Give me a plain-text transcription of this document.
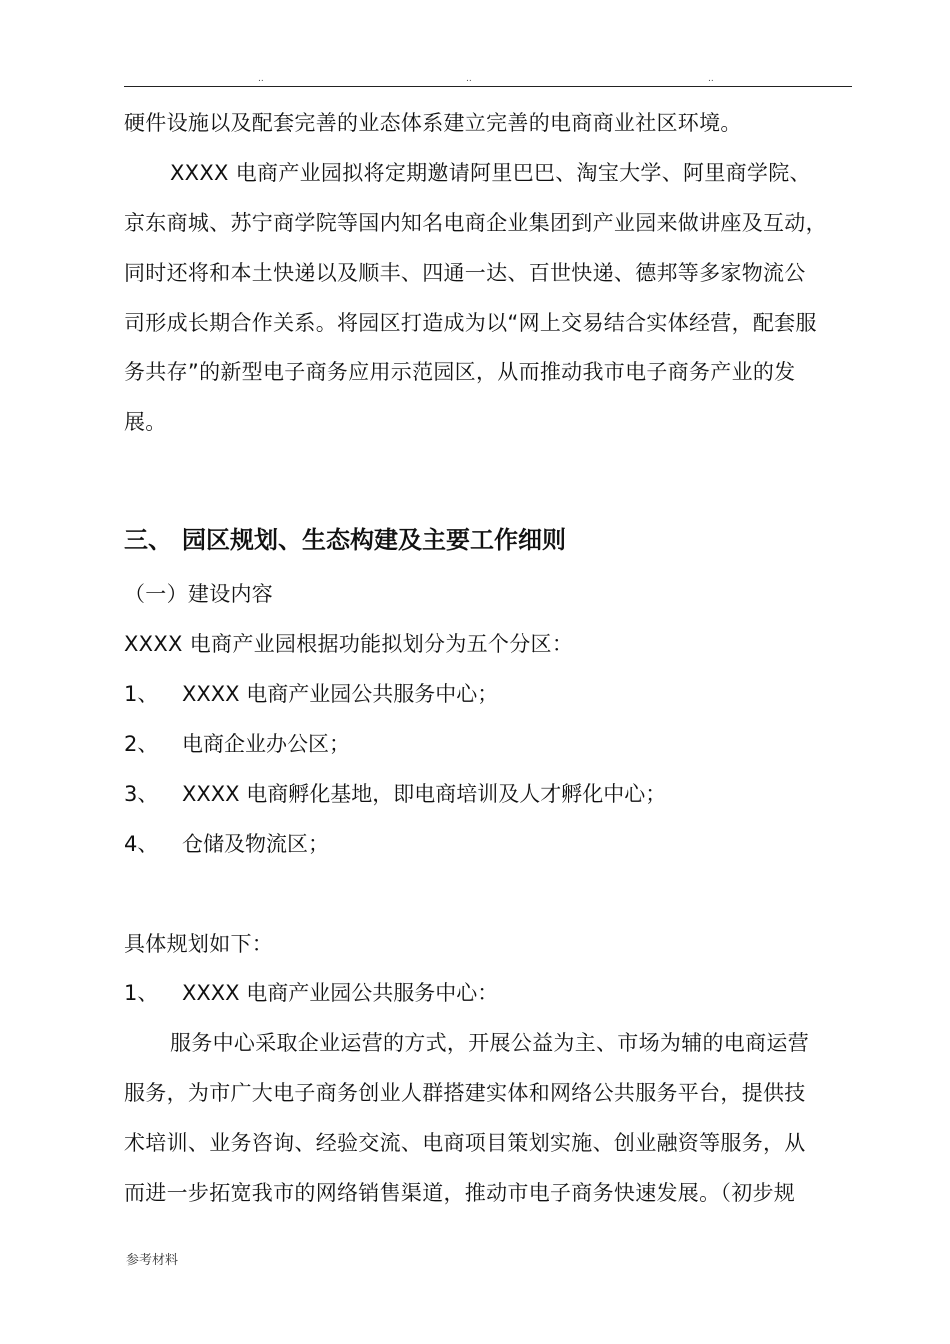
..	..	..
硬件设施以及配套完善的业态体系建立完善的电商商业社区环境。
XXXX 电商产业园拟将定期邀请阿里巴巴、淘宝大学、阿里商学院、
京东商城、苏宁商学院等国内知名电商企业集团到产业园来做讲座及互动，
同时还将和本土快递以及顺丰、四通一达、百世快递、德邦等多家物流公
司形成长期合作关系。将园区打造成为以“网上交易结合实体经营，配套服
务共存”的新型电子商务应用示范园区，从而推动我市电子商务产业的发
展。
三、 园区规划、生态构建及主要工作细则
（一）建设内容
XXXX 电商产业园根据功能拟划分为五个分区：
1、 XXXX 电商产业园公共服务中心；
2、 电商企业办公区；
3、 XXXX 电商孵化基地，即电商培训及人才孵化中心；
4、 仓储及物流区；
具体规划如下：
1、 XXXX 电商产业园公共服务中心：
服务中心采取企业运营的方式，开展公益为主、市场为辅的电商运营
服务，为市广大电子商务创业人群搭建实体和网络公共服务平台，提供技
术培训、业务咨询、经验交流、电商项目策划实施、创业融资等服务，从
而进一步拓宽我市的网络销售渠道，推动市电子商务快速发展。（初步规
参考材料
